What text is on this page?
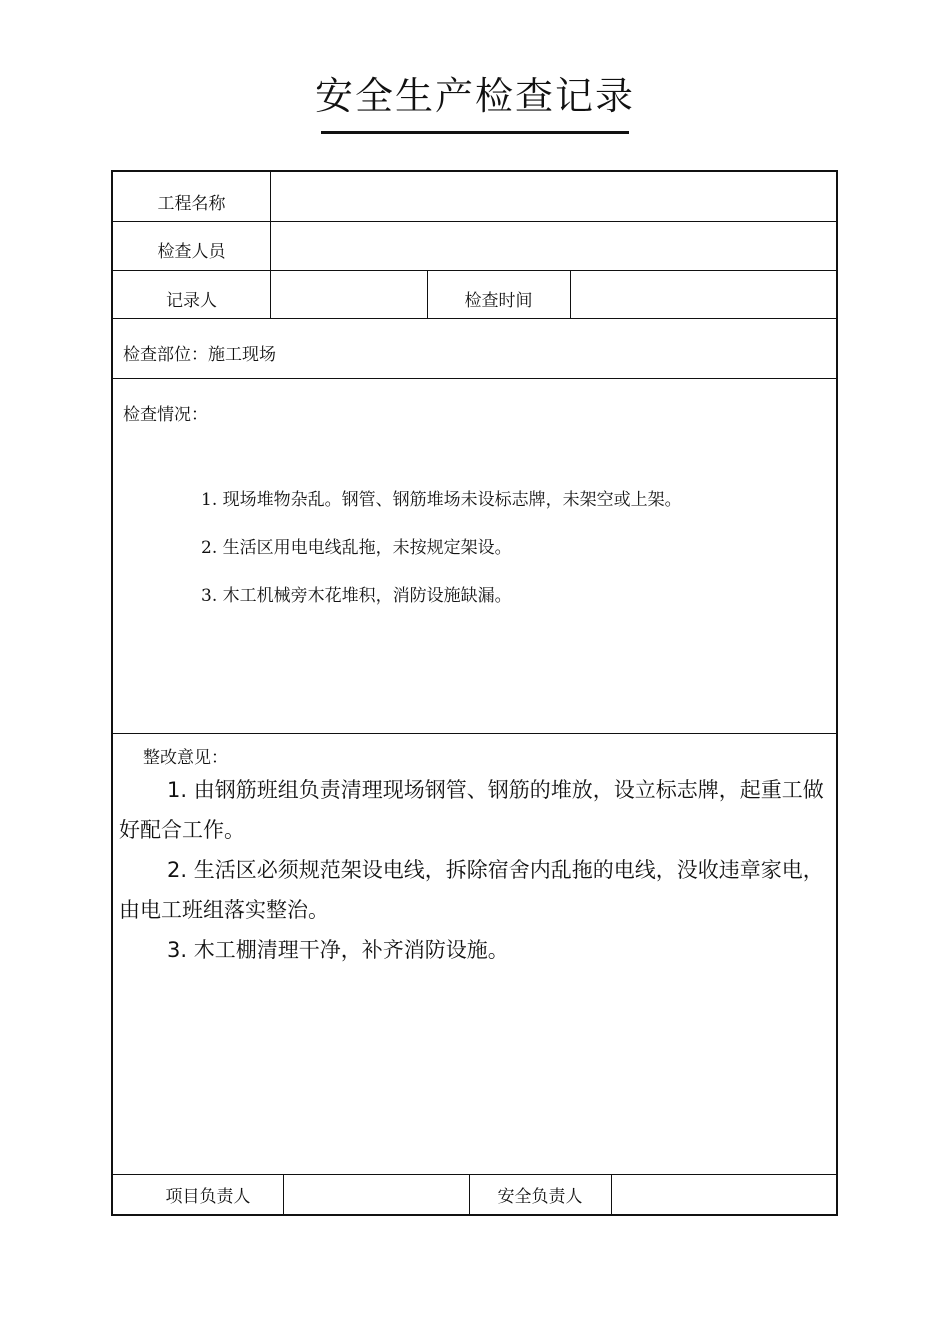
安全生产检查记录
工程名称
检查人员
记录人	检查时间
检查部位：施工现场
检查情况：
1. 现场堆物杂乱。钢管、钢筋堆场未设标志牌，未架空或上架。
2. 生活区用电电线乱拖，未按规定架设。
3. 木工机械旁木花堆积，消防设施缺漏。
整改意见：

1. 由钢筋班组负责清理现场钢管、钢筋的堆放，设立标志牌，起重工做好配合工作。

2. 生活区必须规范架设电线，拆除宿舍内乱拖的电线，没收违章家电，由电工班组落实整治。

3. 木工棚清理干净，补齐消防设施。

项目负责人	安全负责人
